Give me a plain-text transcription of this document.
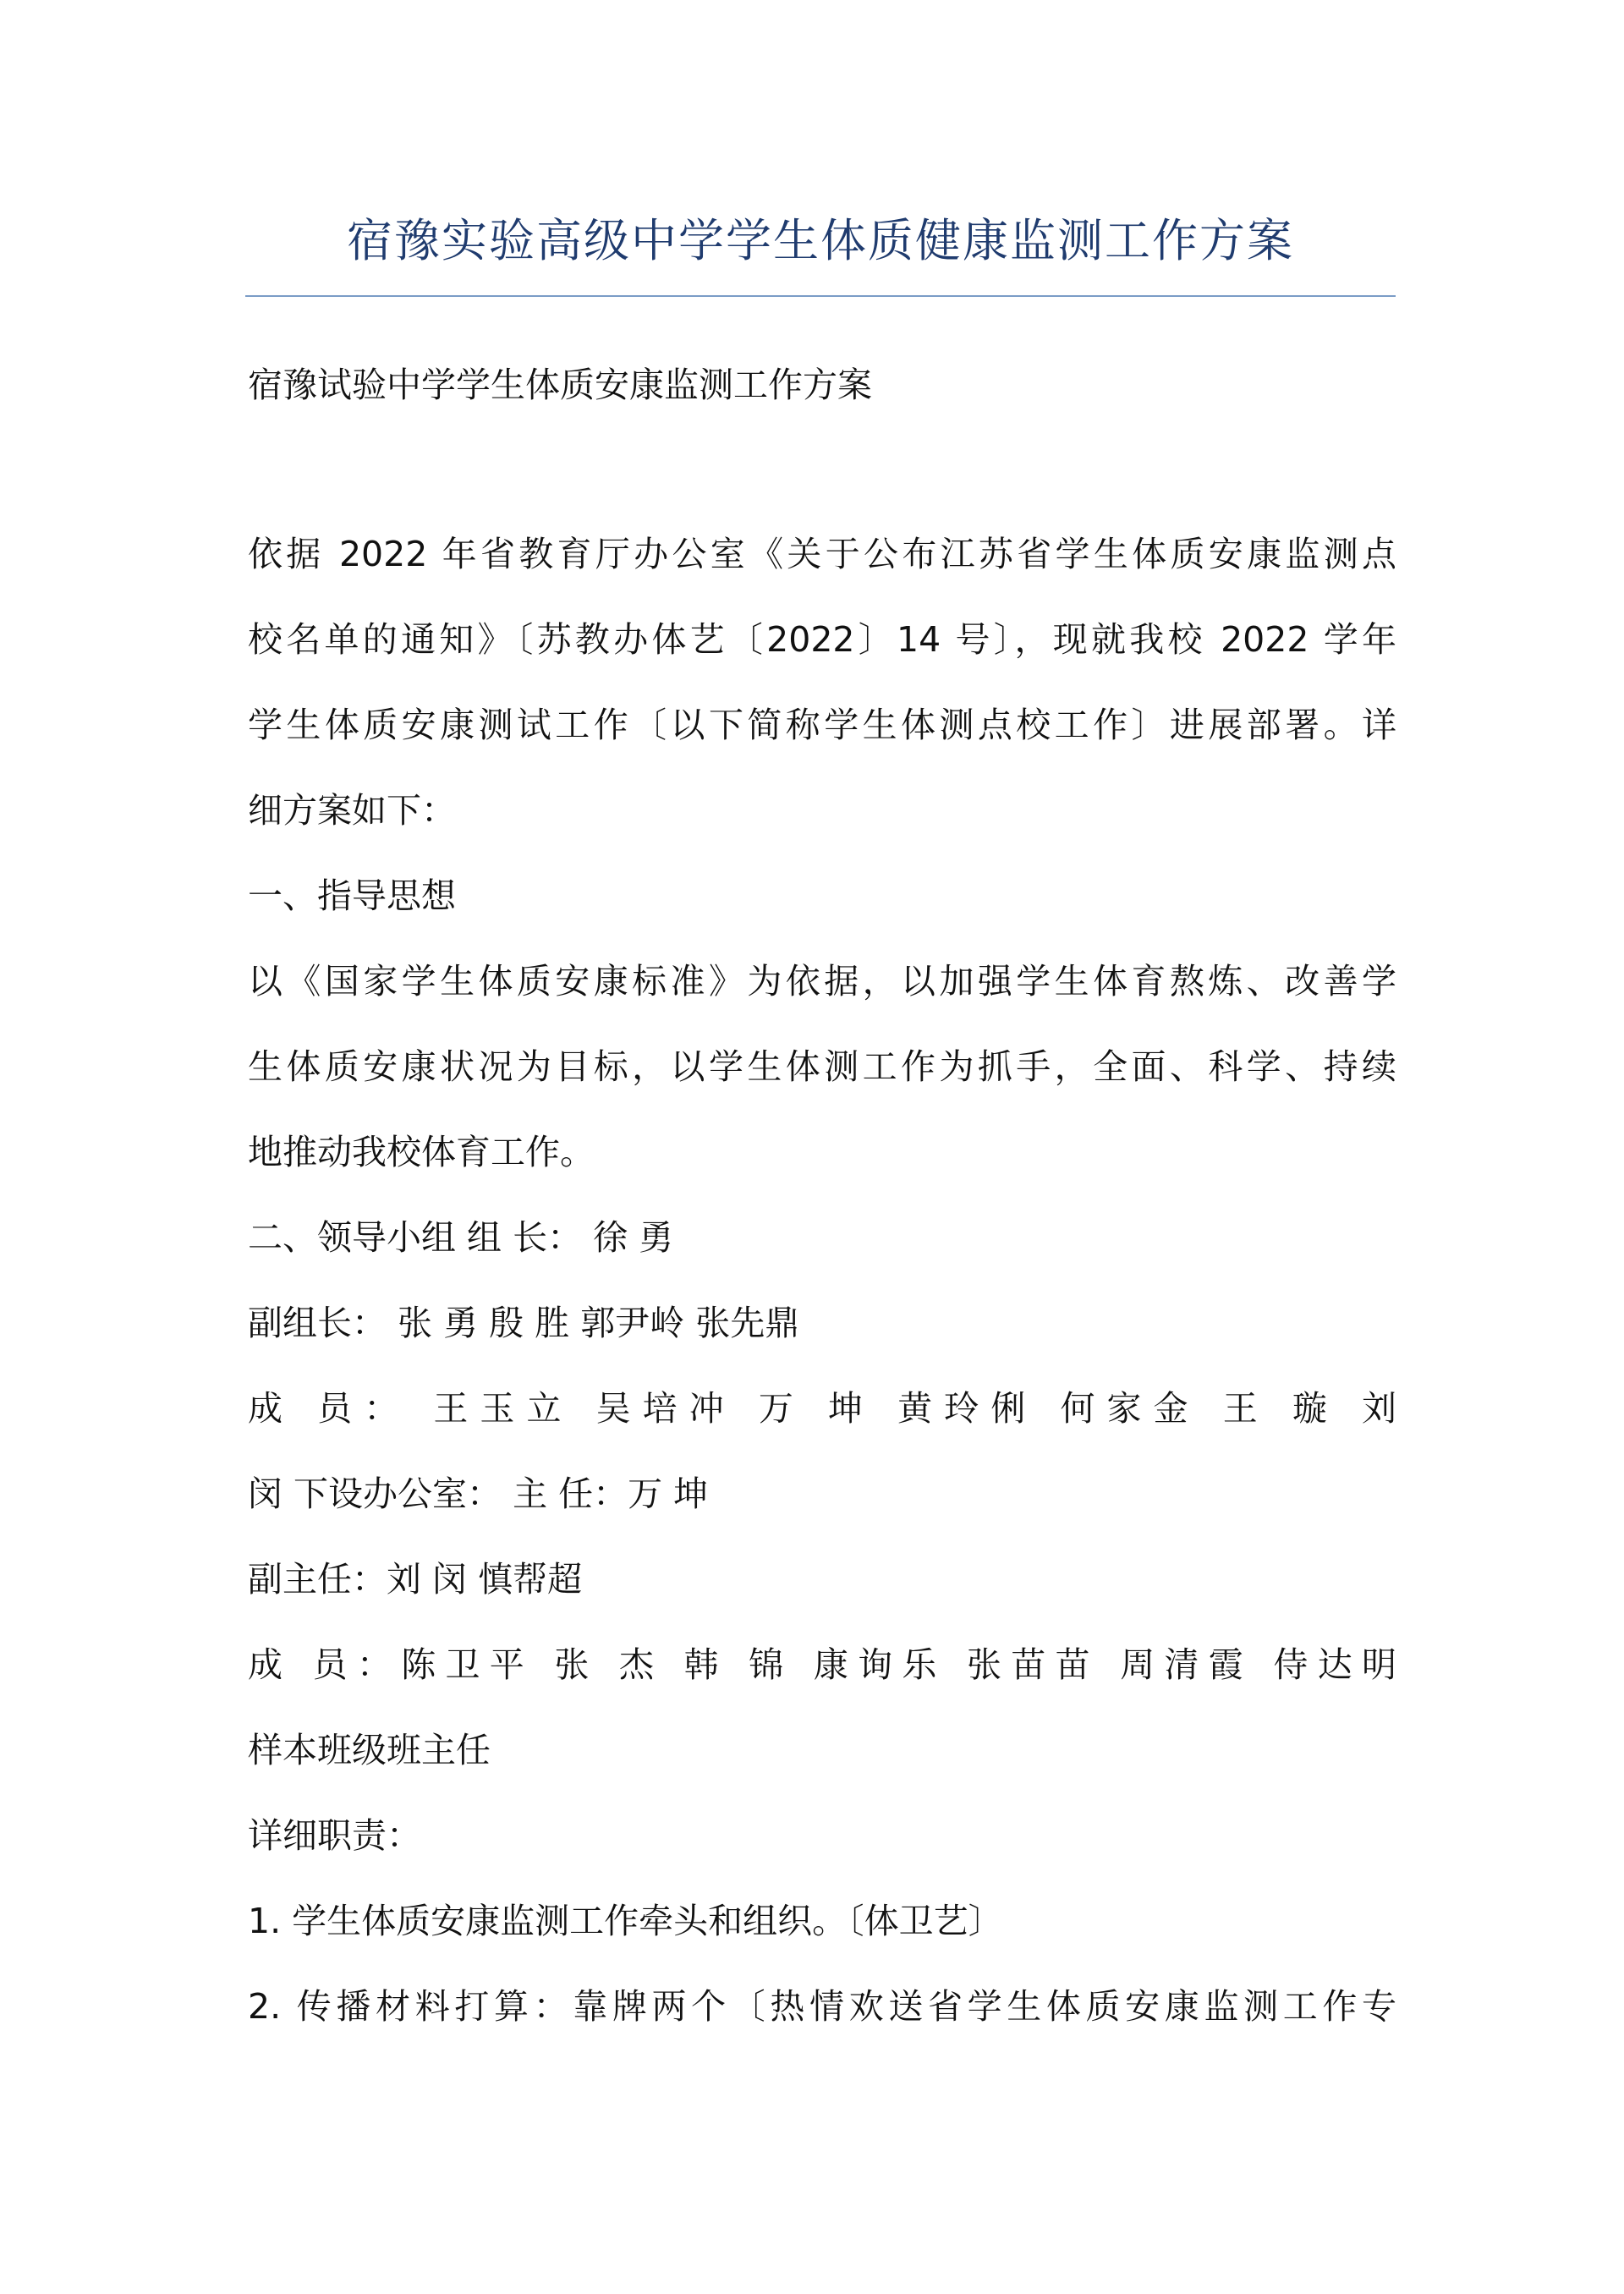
宿豫实验高级中学学生体质健康监测工作方案
宿豫试验中学学生体质安康监测工作方案
依据 2022 年省教育厅办公室《关于公布江苏省学生体质安康监测点
校名单的通知》〔苏教办体艺〔2022〕14 号〕，现就我校 2022 学年
学生体质安康测试工作〔以下简称学生体测点校工作〕进展部署。详
细方案如下：
一、指导思想
以《国家学生体质安康标准》为依据，以加强学生体育熬炼、改善学
生体质安康状况为目标，以学生体测工作为抓手，全面、科学、持续
地推动我校体育工作。
二、领导小组 组 长： 徐 勇
副组长： 张 勇 殷 胜 郭尹岭 张先鼎
成 员： 王玉立 吴培冲 万 坤 黄玲俐 何家金 王 璇 刘
闵 下设办公室： 主 任：万 坤
副主任：刘 闵 慎帮超
成 员：陈卫平 张 杰 韩 锦 康询乐 张苗苗 周清霞 侍达明
样本班级班主任
详细职责：
1. 学生体质安康监测工作牵头和组织。〔体卫艺〕
2. 传播材料打算：靠牌两个〔热情欢送省学生体质安康监测工作专
